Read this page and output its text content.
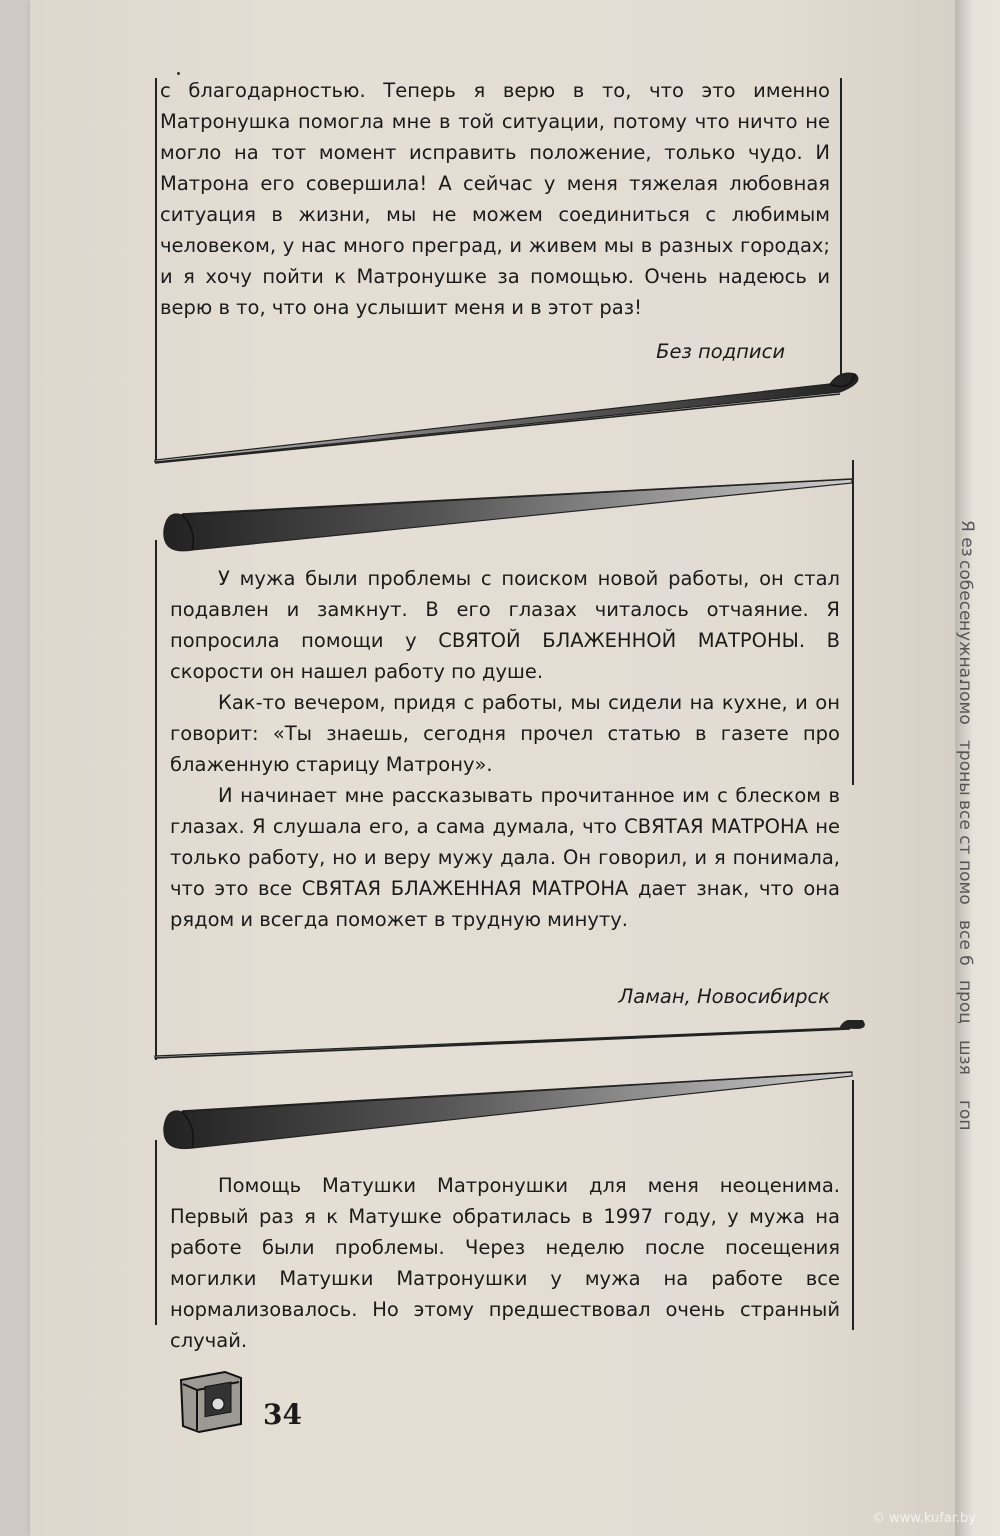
с благодарностью. Теперь я верю в то, что это именно Матронушка помогла мне в той ситуации, потому что ничто не могло на тот момент исправить положение, только чудо. И Матрона его совершила! А сейчас у меня тяжелая любовная ситуация в жизни, мы не можем соединиться с любимым человеком, у нас много преград, и живем мы в разных городах; и я хочу пойти к Матронушке за помощью. Очень надеюсь и верю в то, что она услышит меня и в этот раз!

Без подписи

У мужа были проблемы с поиском новой работы, он стал подавлен и замкнут. В его глазах читалось отчаяние. Я попросила помощи у СВЯТОЙ БЛАЖЕННОЙ МАТРОНЫ. В скорости он нашел работу по душе.

Как-то вечером, придя с работы, мы сидели на кухне, и он говорит: «Ты знаешь, сегодня прочел статью в газете про блаженную старицу Матрону».

И начинает мне рассказывать прочитанное им с блеском в глазах. Я слушала его, а сама думала, что СВЯТАЯ МАТРОНА не только работу, но и веру мужу дала. Он говорил, и я понимала, что это все СВЯТАЯ БЛАЖЕННАЯ МАТРОНА дает знак, что она рядом и всегда поможет в трудную минуту.

Ламан, Новосибирск

Помощь Матушки Матронушки для меня неоценима. Первый раз я к Матушке обратилась в 1997 году, у мужа на работе были проблемы. Через неделю после посещения могилки Матушки Матронушки у мужа на работе все нормализовалось. Но этому предшествовал очень странный случай.

34
Я ез
собесе
нужна.
помо
троны
все ст
помо
все б
проц
шзя
гоп
© www.kufar.by
